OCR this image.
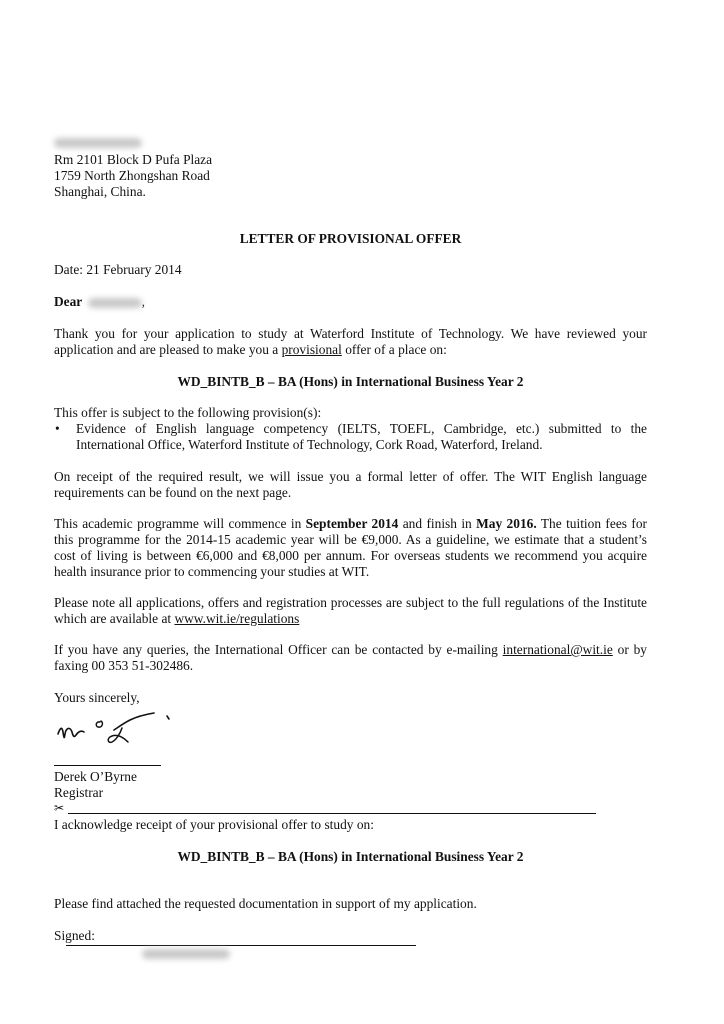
Rm 2101 Block D Pufa Plaza
1759 North Zhongshan Road
Shanghai, China.
LETTER OF PROVISIONAL OFFER
Date: 21 February 2014
Dear	,
Thank you for your application to study at Waterford Institute of Technology. We have reviewed your
application and are pleased to make you a provisional offer of a place on:
WD_BINTB_B – BA (Hons) in International Business Year 2
This offer is subject to the following provision(s):
• Evidence of English language competency (IELTS, TOEFL, Cambridge, etc.) submitted to the
International Office, Waterford Institute of Technology, Cork Road, Waterford, Ireland.
On receipt of the required result, we will issue you a formal letter of offer. The WIT English language
requirements can be found on the next page.
This academic programme will commence in September 2014 and finish in May 2016. The tuition fees for
this programme for the 2014-15 academic year will be €9,000. As a guideline, we estimate that a student’s
cost of living is between €6,000 and €8,000 per annum. For overseas students we recommend you acquire
health insurance prior to commencing your studies at WIT.
Please note all applications, offers and registration processes are subject to the full regulations of the Institute
which are available at www.wit.ie/regulations
If you have any queries, the International Officer can be contacted by e-mailing international@wit.ie or by
faxing 00 353 51-302486.
Yours sincerely,
Derek O’Byrne
Registrar
✂
I acknowledge receipt of your provisional offer to study on:
WD_BINTB_B – BA (Hons) in International Business Year 2
Please find attached the requested documentation in support of my application.
Signed:
